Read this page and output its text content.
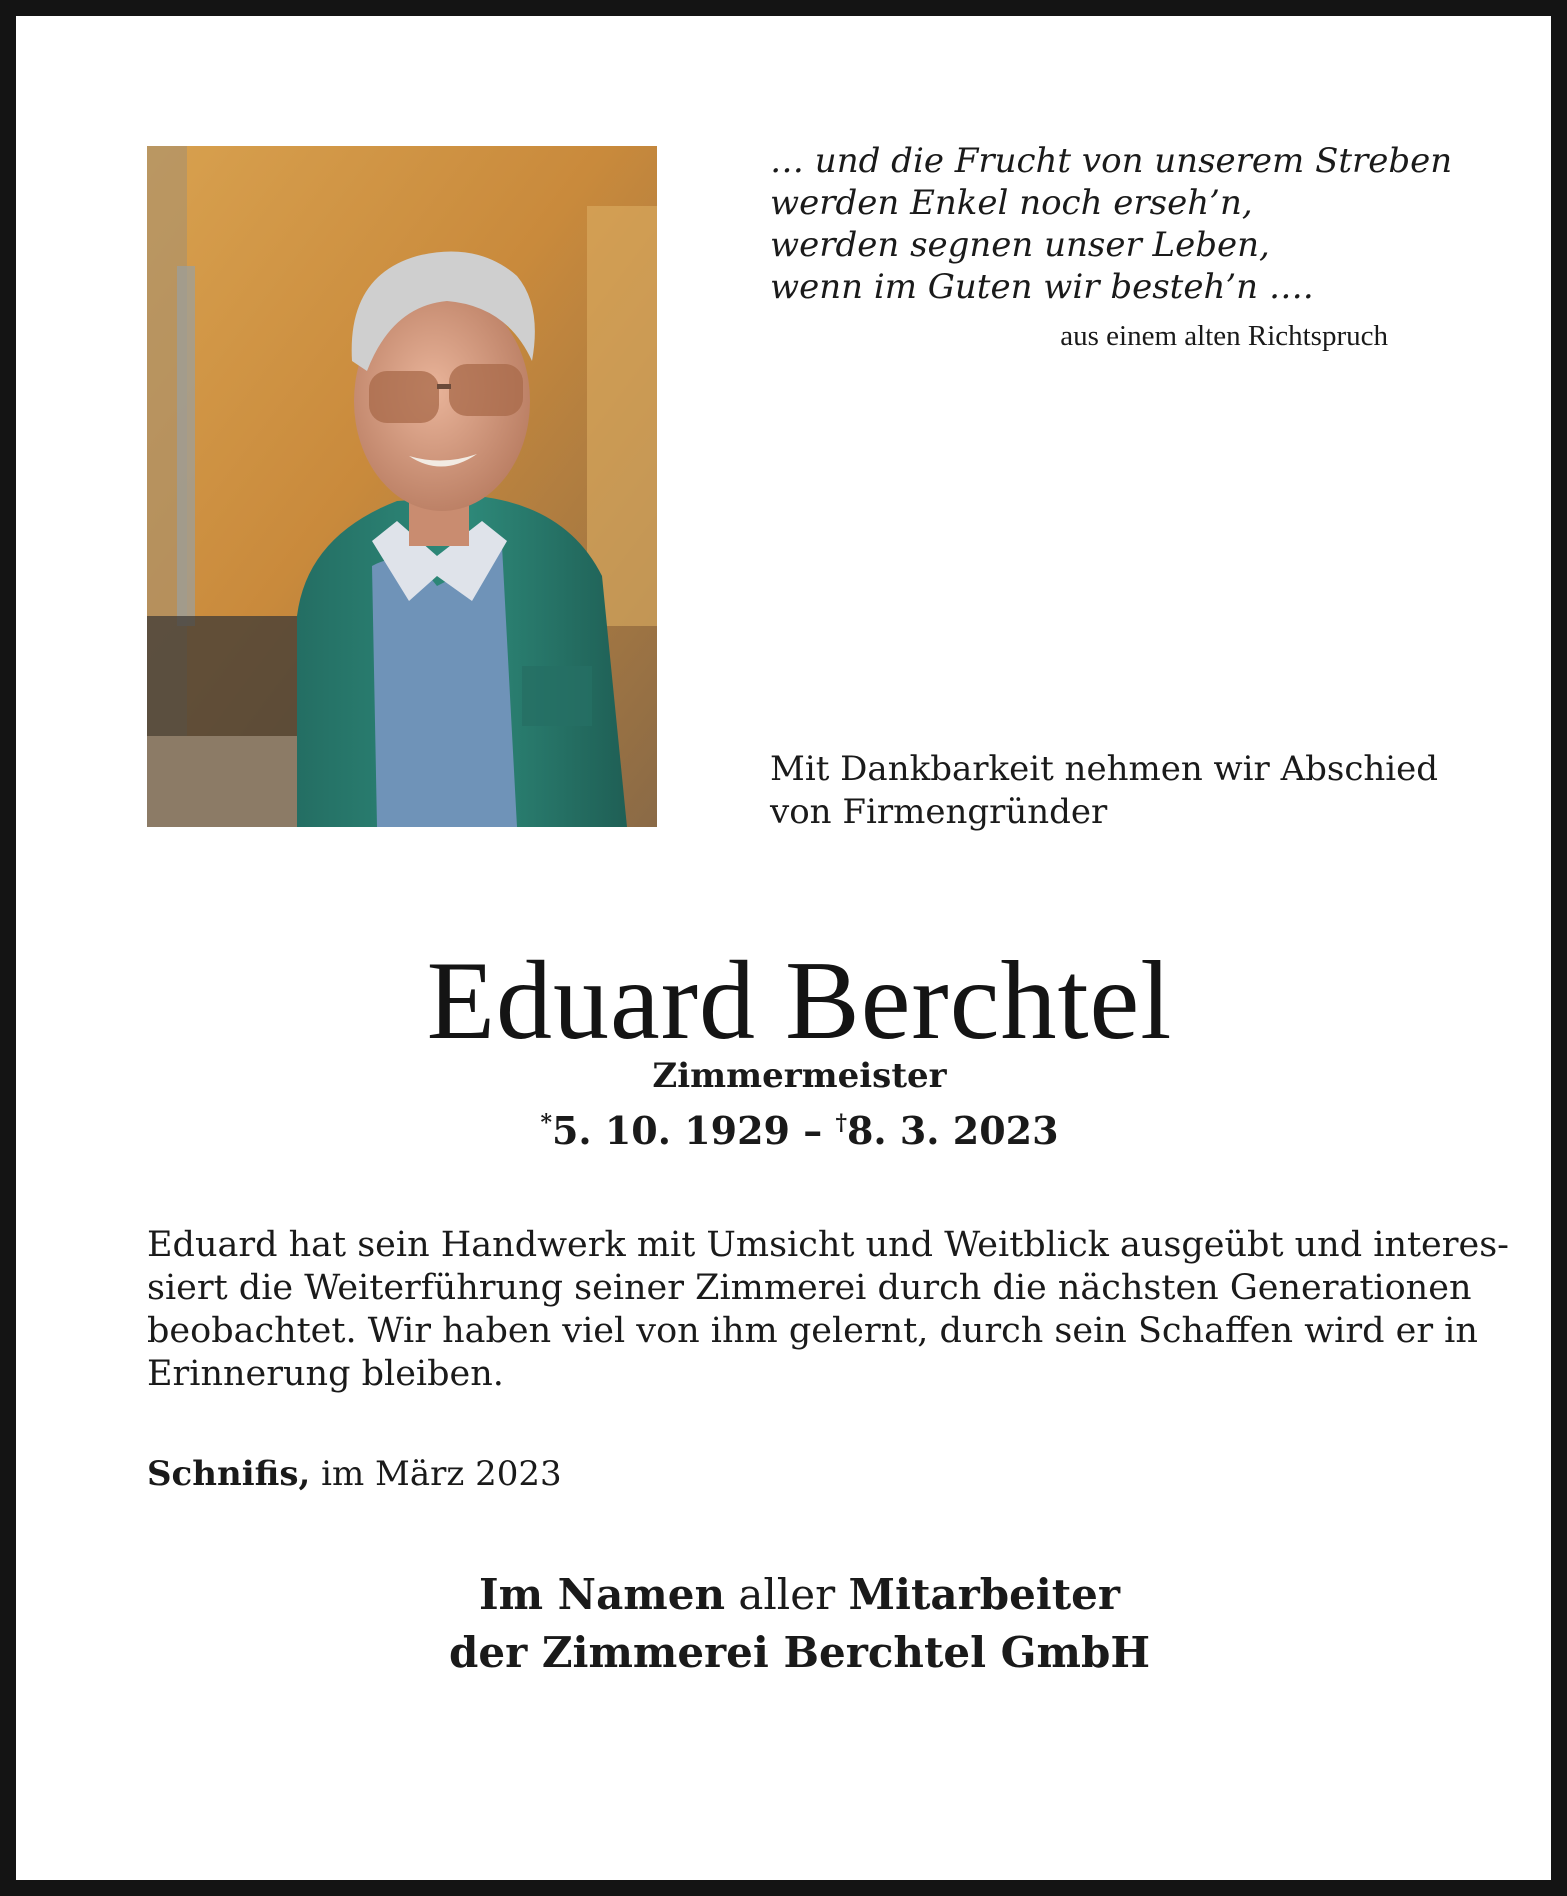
… und die Frucht von unserem Streben
werden Enkel noch erseh’n,
werden segnen unser Leben,
wenn im Guten wir besteh’n ….
aus einem alten Richtspruch
Mit Dankbarkeit nehmen wir Abschied
von Firmengründer
Eduard Berchtel
Zimmermeister
*5. 10. 1929 – †8. 3. 2023
Eduard hat sein Handwerk mit Umsicht und Weitblick ausgeübt und interes-
siert die Weiterführung seiner Zimmerei durch die nächsten Generationen
beobachtet. Wir haben viel von ihm gelernt, durch sein Schaffen wird er in
Erinnerung bleiben.
Schnifis, im März 2023
Im Namen aller Mitarbeiter
der Zimmerei Berchtel GmbH
